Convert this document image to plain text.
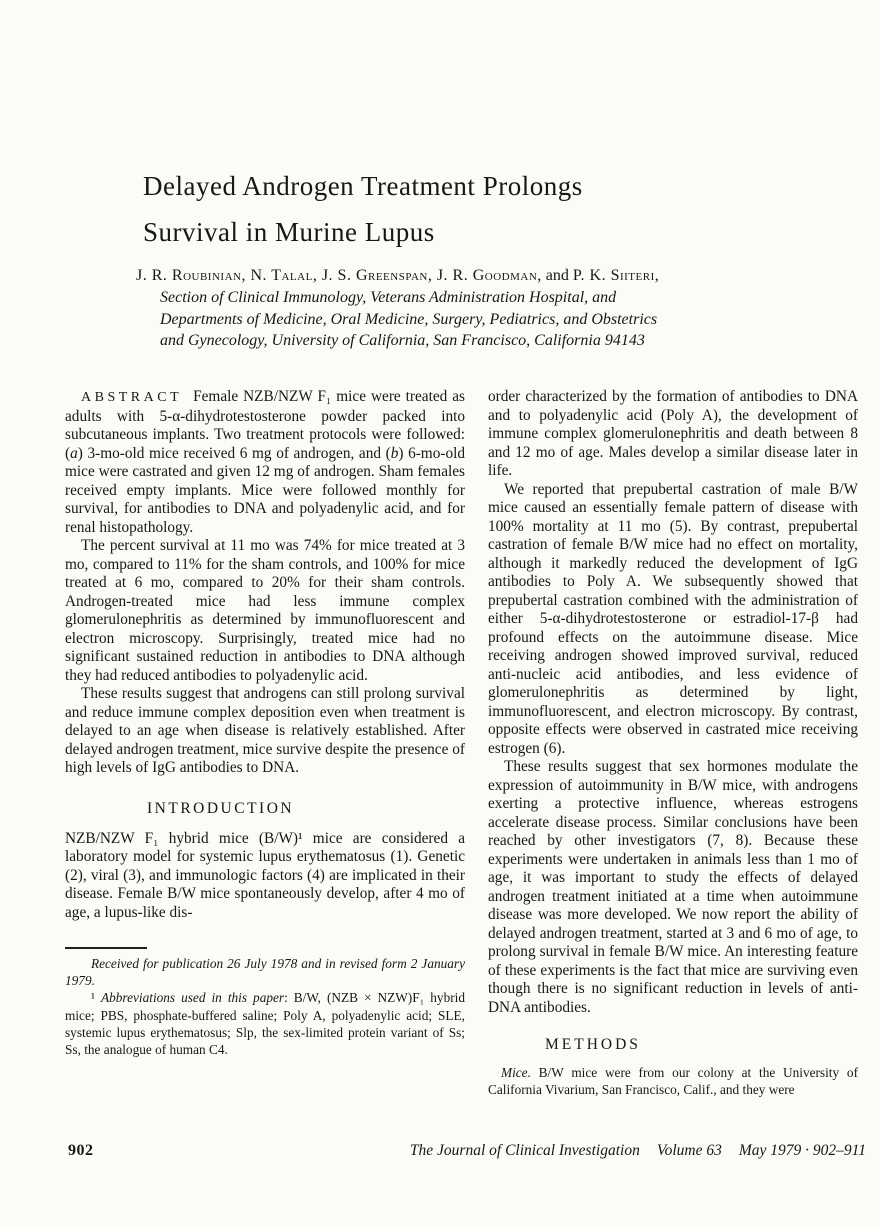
Delayed Androgen Treatment Prolongs
Survival in Murine Lupus
J. R. Roubinian, N. Talal, J. S. Greenspan, J. R. Goodman, and P. K. Siiteri,
Section of Clinical Immunology, Veterans Administration Hospital, and
Departments of Medicine, Oral Medicine, Surgery, Pediatrics, and Obstetrics
and Gynecology, University of California, San Francisco, California 94143

ABSTRACT Female NZB/NZW F₁ mice were treated as adults with 5-α-dihydrotestosterone powder packed into subcutaneous implants. Two treatment protocols were followed: (a) 3-mo-old mice received 6 mg of androgen, and (b) 6-mo-old mice were castrated and given 12 mg of androgen. Sham females received empty implants. Mice were followed monthly for survival, for antibodies to DNA and polyadenylic acid, and for renal histopathology.

The percent survival at 11 mo was 74% for mice treated at 3 mo, compared to 11% for the sham controls, and 100% for mice treated at 6 mo, compared to 20% for their sham controls. Androgen-treated mice had less immune complex glomerulonephritis as determined by immunofluorescent and electron microscopy. Surprisingly, treated mice had no significant sustained reduction in antibodies to DNA although they had reduced antibodies to polyadenylic acid.

These results suggest that androgens can still prolong survival and reduce immune complex deposition even when treatment is delayed to an age when disease is relatively established. After delayed androgen treatment, mice survive despite the presence of high levels of IgG antibodies to DNA.

INTRODUCTION

NZB/NZW F₁ hybrid mice (B/W)¹ mice are considered a laboratory model for systemic lupus erythematosus (1). Genetic (2), viral (3), and immunologic factors (4) are implicated in their disease. Female B/W mice spontaneously develop, after 4 mo of age, a lupus-like dis-

Received for publication 26 July 1978 and in revised form 2 January 1979.

¹ Abbreviations used in this paper: B/W, (NZB × NZW)F₁ hybrid mice; PBS, phosphate-buffered saline; Poly A, polyadenylic acid; SLE, systemic lupus erythematosus; Slp, the sex-limited protein variant of Ss; Ss, the analogue of human C4.

order characterized by the formation of antibodies to DNA and to polyadenylic acid (Poly A), the development of immune complex glomerulonephritis and death between 8 and 12 mo of age. Males develop a similar disease later in life.

We reported that prepubertal castration of male B/W mice caused an essentially female pattern of disease with 100% mortality at 11 mo (5). By contrast, prepubertal castration of female B/W mice had no effect on mortality, although it markedly reduced the development of IgG antibodies to Poly A. We subsequently showed that prepubertal castration combined with the administration of either 5-α-dihydrotestosterone or estradiol-17-β had profound effects on the autoimmune disease. Mice receiving androgen showed improved survival, reduced anti-nucleic acid antibodies, and less evidence of glomerulonephritis as determined by light, immunofluorescent, and electron microscopy. By contrast, opposite effects were observed in castrated mice receiving estrogen (6).

These results suggest that sex hormones modulate the expression of autoimmunity in B/W mice, with androgens exerting a protective influence, whereas estrogens accelerate disease process. Similar conclusions have been reached by other investigators (7, 8). Because these experiments were undertaken in animals less than 1 mo of age, it was important to study the effects of delayed androgen treatment initiated at a time when autoimmune disease was more developed. We now report the ability of delayed androgen treatment, started at 3 and 6 mo of age, to prolong survival in female B/W mice. An interesting feature of these experiments is the fact that mice are surviving even though there is no significant reduction in levels of anti-DNA antibodies.

METHODS

Mice. B/W mice were from our colony at the University of California Vivarium, San Francisco, Calif., and they were

902	The Journal of Clinical Investigation Volume 63 May 1979 · 902–911
